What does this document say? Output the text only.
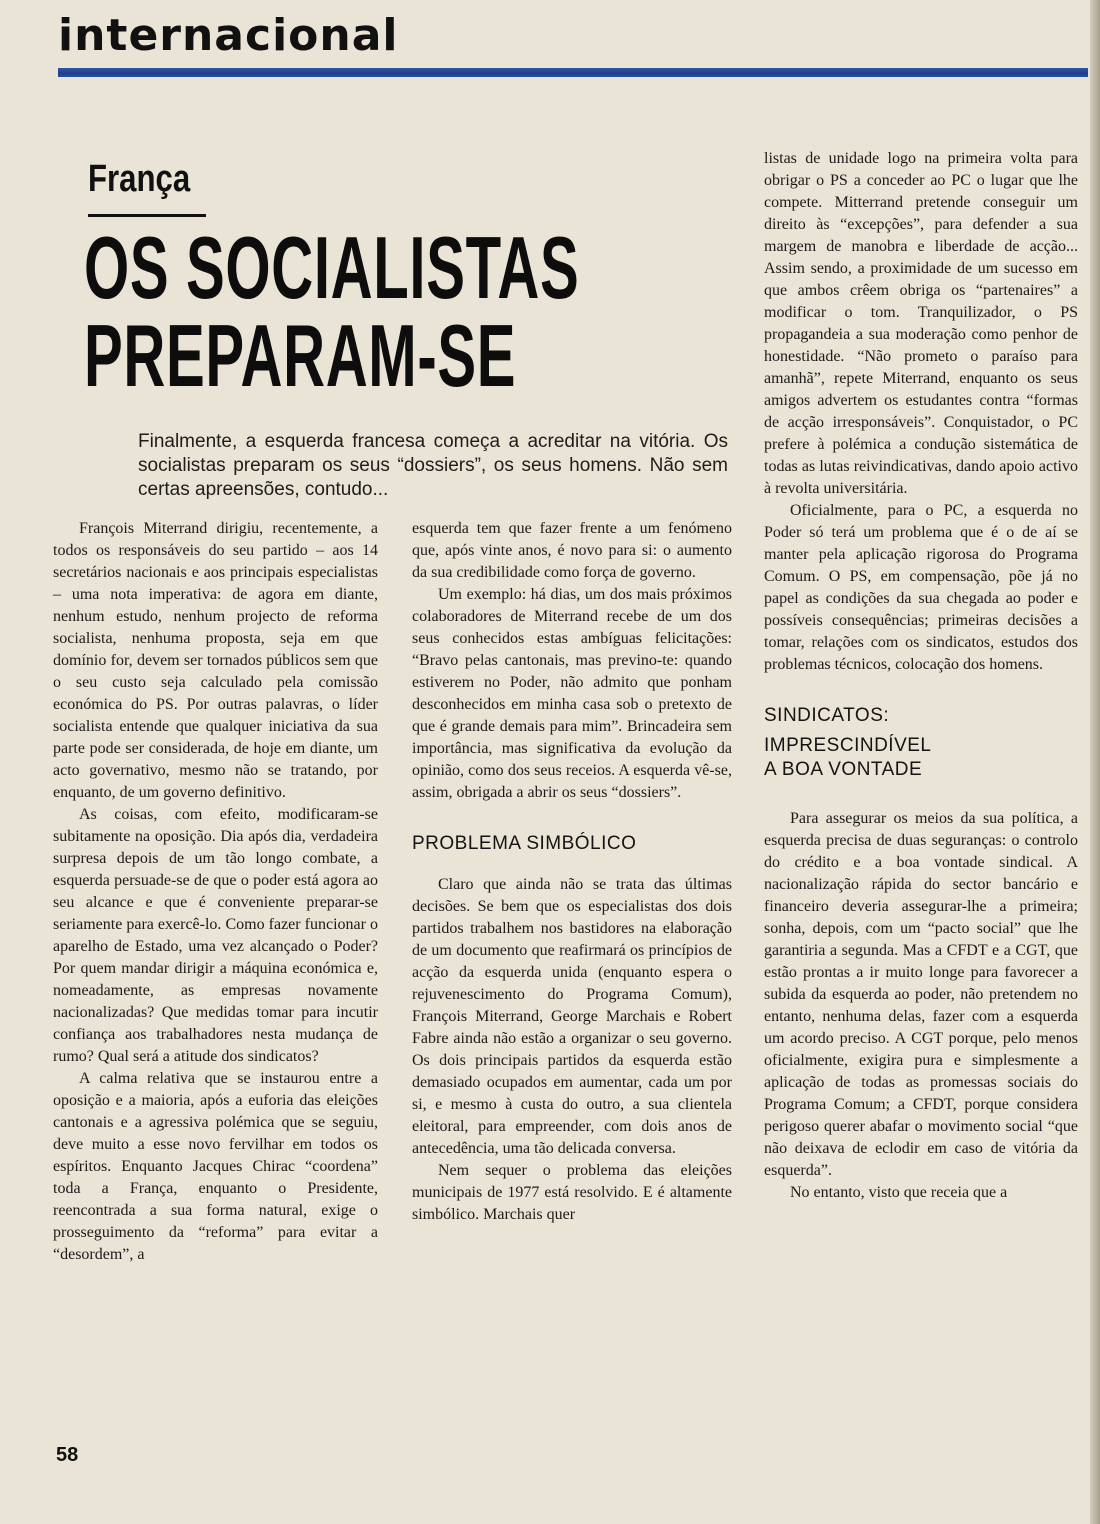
internacional
França
OS SOCIALISTAS
PREPARAM-SE

Finalmente, a esquerda francesa começa a acreditar na vitória. Os socialistas preparam os seus “dossiers”, os seus homens. Não sem certas apreensões, contudo...

François Miterrand dirigiu, recentemente, a todos os responsáveis do seu partido – aos 14 secretários nacionais e aos principais especialistas – uma nota imperativa: de agora em diante, nenhum estudo, nenhum projecto de reforma socialista, nenhuma proposta, seja em que domínio for, devem ser tornados públicos sem que o seu custo seja calculado pela comissão económica do PS. Por outras palavras, o líder socialista entende que qualquer iniciativa da sua parte pode ser considerada, de hoje em diante, um acto governativo, mesmo não se tratando, por enquanto, de um governo definitivo.

As coisas, com efeito, modificaram-se subitamente na oposição. Dia após dia, verdadeira surpresa depois de um tão longo combate, a esquerda persuade-se de que o poder está agora ao seu alcance e que é conveniente preparar-se seriamente para exercê-lo. Como fazer funcionar o aparelho de Estado, uma vez alcançado o Poder? Por quem mandar dirigir a máquina económica e, nomeadamente, as empresas novamente nacionalizadas? Que medidas tomar para incutir confiança aos trabalhadores nesta mudança de rumo? Qual será a atitude dos sindicatos?

A calma relativa que se instaurou entre a oposição e a maioria, após a euforia das eleições cantonais e a agressiva polémica que se seguiu, deve muito a esse novo fervilhar em todos os espíritos. Enquanto Jacques Chirac “coordena” toda a França, enquanto o Presidente, reencontrada a sua forma natural, exige o prosseguimento da “reforma” para evitar a “desordem”, a

esquerda tem que fazer frente a um fenómeno que, após vinte anos, é novo para si: o aumento da sua credibilidade como força de governo.

Um exemplo: há dias, um dos mais próximos colaboradores de Miterrand recebe de um dos seus conhecidos estas ambíguas felicitações: “Bravo pelas cantonais, mas previno-te: quando estiverem no Poder, não admito que ponham desconhecidos em minha casa sob o pretexto de que é grande demais para mim”. Brincadeira sem importância, mas significativa da evolução da opinião, como dos seus receios. A esquerda vê-se, assim, obrigada a abrir os seus “dossiers”.

PROBLEMA SIMBÓLICO

Claro que ainda não se trata das últimas decisões. Se bem que os especialistas dos dois partidos trabalhem nos bastidores na elaboração de um documento que reafirmará os princípios de acção da esquerda unida (enquanto espera o rejuvenescimento do Programa Comum), François Miterrand, George Marchais e Robert Fabre ainda não estão a organizar o seu governo. Os dois principais partidos da esquerda estão demasiado ocupados em aumentar, cada um por si, e mesmo à custa do outro, a sua clientela eleitoral, para empreender, com dois anos de antecedência, uma tão delicada conversa.

Nem sequer o problema das eleições municipais de 1977 está resolvido. E é altamente simbólico. Marchais quer

listas de unidade logo na primeira volta para obrigar o PS a conceder ao PC o lugar que lhe compete. Mitterrand pretende conseguir um direito às “excepções”, para defender a sua margem de manobra e liberdade de acção... Assim sendo, a proximidade de um sucesso em que ambos crêem obriga os “partenaires” a modificar o tom. Tranquilizador, o PS propagandeia a sua moderação como penhor de honestidade. “Não prometo o paraíso para amanhã”, repete Miterrand, enquanto os seus amigos advertem os estudantes contra “formas de acção irresponsáveis”. Conquistador, o PC prefere à polémica a condução sistemática de todas as lutas reivindicativas, dando apoio activo à revolta universitária.

Oficialmente, para o PC, a esquerda no Poder só terá um problema que é o de aí se manter pela aplicação rigorosa do Programa Comum. O PS, em compensação, põe já no papel as condições da sua chegada ao poder e possíveis consequências; primeiras decisões a tomar, relações com os sindicatos, estudos dos problemas técnicos, colocação dos homens.

SINDICATOS:
IMPRESCINDÍVEL
A BOA VONTADE

Para assegurar os meios da sua política, a esquerda precisa de duas seguranças: o controlo do crédito e a boa vontade sindical. A nacionalização rápida do sector bancário e financeiro deveria assegurar-lhe a primeira; sonha, depois, com um “pacto social” que lhe garantiria a segunda. Mas a CFDT e a CGT, que estão prontas a ir muito longe para favorecer a subida da esquerda ao poder, não pretendem no entanto, nenhuma delas, fazer com a esquerda um acordo preciso. A CGT porque, pelo menos oficialmente, exigira pura e simplesmente a aplicação de todas as promessas sociais do Programa Comum; a CFDT, porque considera perigoso querer abafar o movimento social “que não deixava de eclodir em caso de vitória da esquerda”.

No entanto, visto que receia que a

58
